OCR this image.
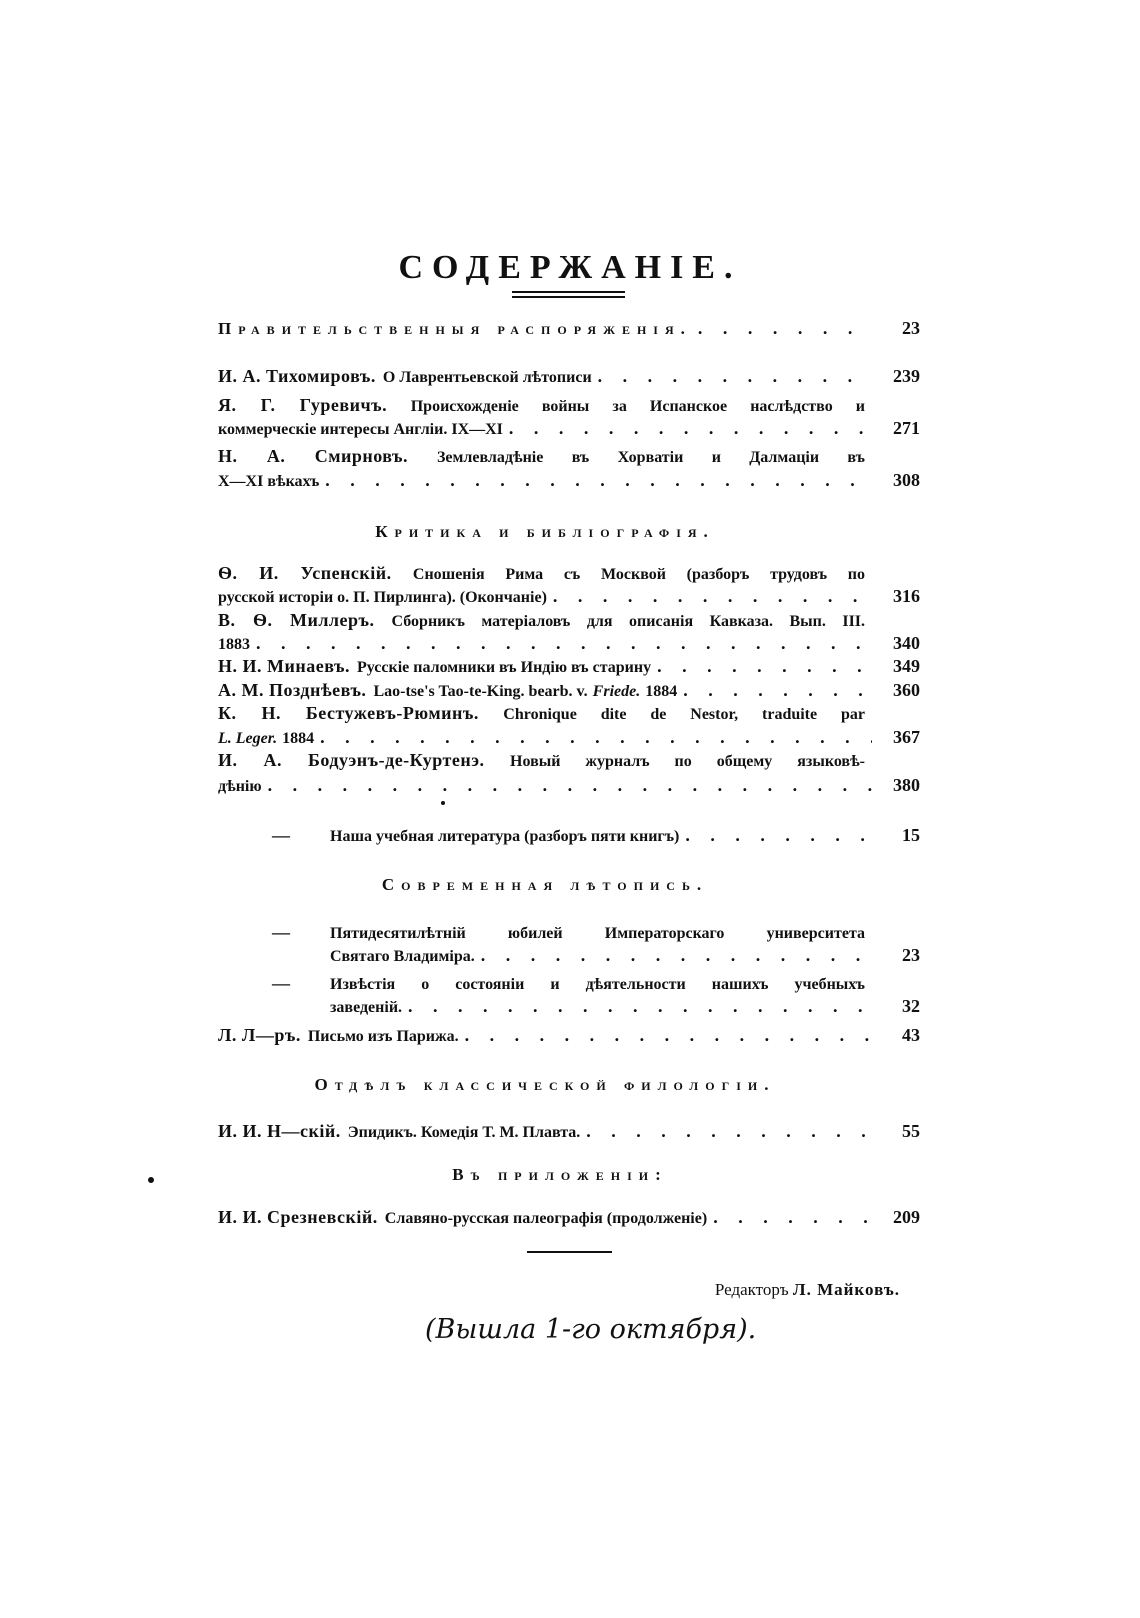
СОДЕРЖАНІЕ.
Правительственныя распоряженія. . . .	23
И. А. Тихомировъ. О Лаврентьевской лѣтописи . . .	239
Я. Г. Гуревичъ. Происхожденіе войны за Испанское наслѣдство и
коммерческіе интересы Англіи. IX—XI . . .	271
Н. А. Смирновъ. Землевладѣніе въ Хорватіи и Далмаціи въ
X—XI вѣкахъ . . .	308
Критика и библіографія.
Ѳ. И. Успенскій. Сношенія Рима съ Москвой (разборъ трудовъ по
русской исторіи о. П. Пирлинга). (Окончаніе) . . .	316
В. Ѳ. Миллеръ. Сборникъ матеріаловъ для описанія Кавказа. Вып. III.
1883 . . .	340
Н. И. Минаевъ. Русскіе паломники въ Индію въ старину . . .	349
А. М. Позднѣевъ. Lao-tse's Tao-te-King. bearb. v. Friede. 1884 . . .	360
К. Н. Бестужевъ-Рюминъ. Chronique dite de Nestor, traduite par
L. Leger. 1884 . . .	367
И. А. Бодуэнъ-де-Куртенэ. Новый журналъ по общему языковѣ-
дѣнію . . .	380
—	Наша учебная литература (разборъ пяти книгъ) . . .	15
Современная лѣтопись.
—	Пятидесятилѣтній юбилей Императорскаго университета
Святаго Владиміра. . . .	23
—	Извѣстія о состояніи и дѣятельности нашихъ учебныхъ
заведеній. . . .	32
Л. Л—ръ. Письмо изъ Парижа. . . .	43
Отдѣлъ классической филологіи.
И. И. Н—скій. Эпидикъ. Комедія Т. М. Плавта. . . .	55
Въ приложеніи:
И. И. Срезневскій. Славяно-русская палеографія (продолженіе) . . .	209
Редакторъ Л. Майковъ.
(Вышла 1-го октября).
